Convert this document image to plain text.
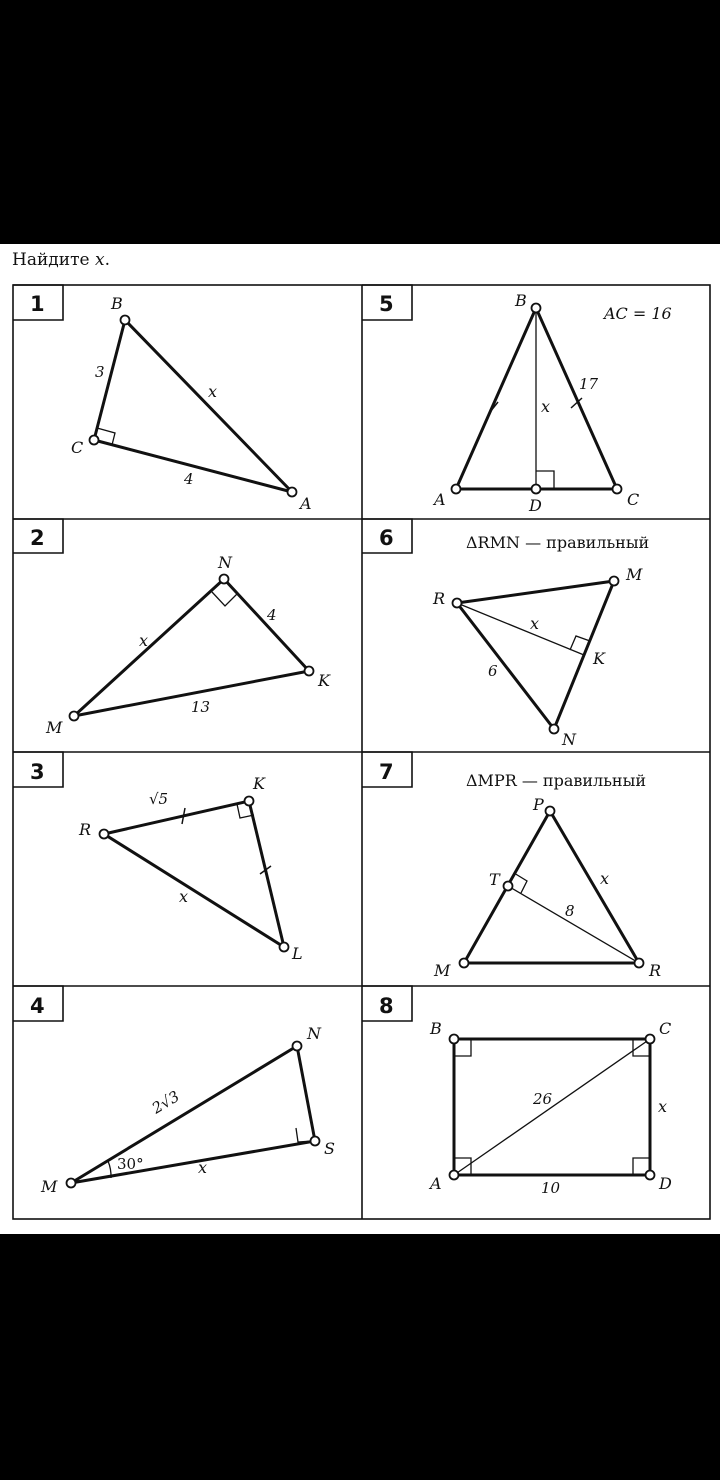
Найдите x.
1	B
C
A
3
4
x
2
N
K
M
4
13
x
3
R
K
L
√5
x
4
N
S
M
2√3
x
30°
5	AC = 16
B
A	D	C
17
x
6	ΔRMN — правильный
R
M
N
K
x
6
7	ΔMPR — правильный
P
T
M	R
x
8
8
B	C
A	D
26	x
10
